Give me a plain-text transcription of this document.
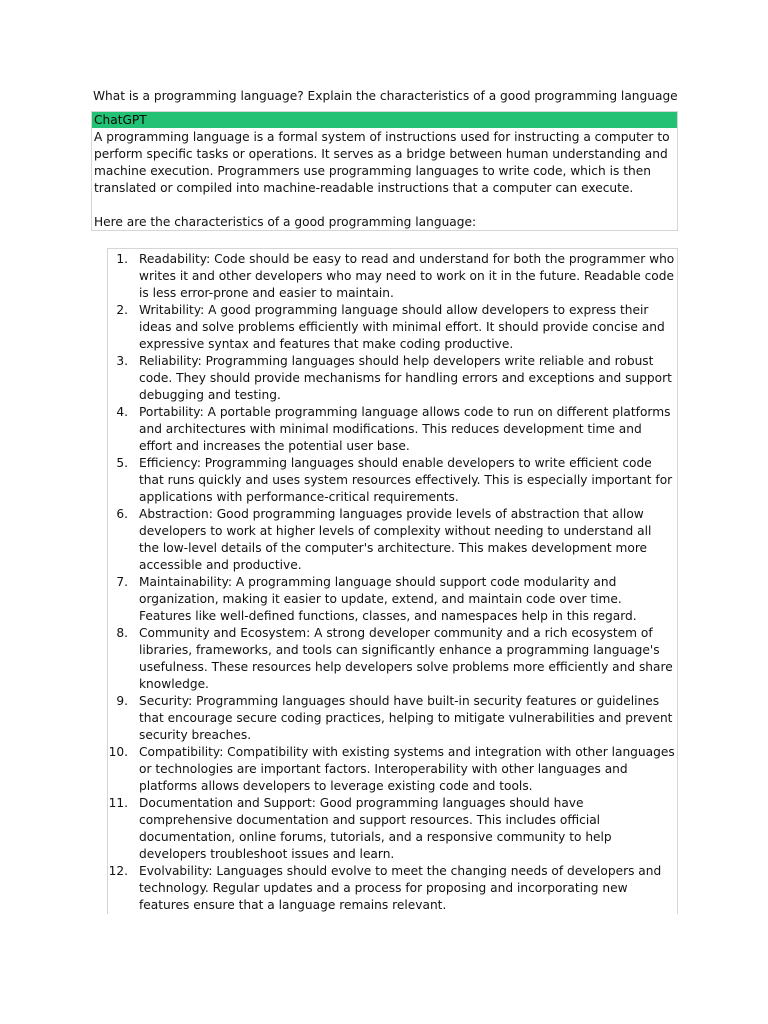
What is a programming language? Explain the characteristics of a good programming language
ChatGPT

A programming language is a formal system of instructions used for instructing a computer to perform specific tasks or operations. It serves as a bridge between human understanding and machine execution. Programmers use programming languages to write code, which is then translated or compiled into machine-readable instructions that a computer can execute.

Here are the characteristics of a good programming language:

1. Readability: Code should be easy to read and understand for both the programmer who writes it and other developers who may need to work on it in the future. Readable code is less error-prone and easier to maintain.
2. Writability: A good programming language should allow developers to express their ideas and solve problems efficiently with minimal effort. It should provide concise and expressive syntax and features that make coding productive.
3. Reliability: Programming languages should help developers write reliable and robust code. They should provide mechanisms for handling errors and exceptions and support debugging and testing.
4. Portability: A portable programming language allows code to run on different platforms and architectures with minimal modifications. This reduces development time and effort and increases the potential user base.
5. Efficiency: Programming languages should enable developers to write efficient code that runs quickly and uses system resources effectively. This is especially important for applications with performance-critical requirements.
6. Abstraction: Good programming languages provide levels of abstraction that allow developers to work at higher levels of complexity without needing to understand all the low-level details of the computer's architecture. This makes development more accessible and productive.
7. Maintainability: A programming language should support code modularity and organization, making it easier to update, extend, and maintain code over time. Features like well-defined functions, classes, and namespaces help in this regard.
8. Community and Ecosystem: A strong developer community and a rich ecosystem of libraries, frameworks, and tools can significantly enhance a programming language's usefulness. These resources help developers solve problems more efficiently and share knowledge.
9. Security: Programming languages should have built-in security features or guidelines that encourage secure coding practices, helping to mitigate vulnerabilities and prevent security breaches.
10. Compatibility: Compatibility with existing systems and integration with other languages or technologies are important factors. Interoperability with other languages and platforms allows developers to leverage existing code and tools.
11. Documentation and Support: Good programming languages should have comprehensive documentation and support resources. This includes official documentation, online forums, tutorials, and a responsive community to help developers troubleshoot issues and learn.
12. Evolvability: Languages should evolve to meet the changing needs of developers and technology. Regular updates and a process for proposing and incorporating new features ensure that a language remains relevant.
